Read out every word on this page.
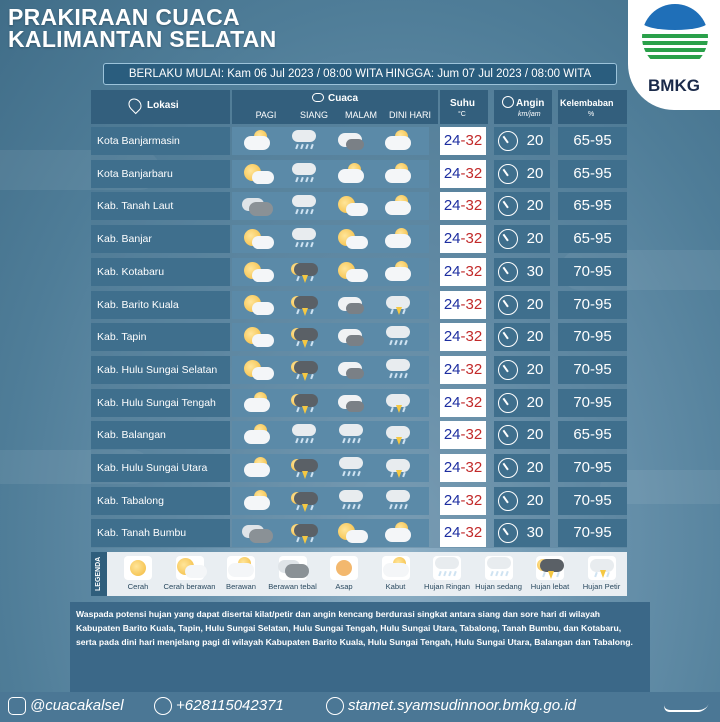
PRAKIRAAN CUACA
KALIMANTAN SELATAN
BMKG
BERLAKU MULAI: Kam 06 Jul 2023 / 08:00 WITA HINGGA: Jum 07 Jul 2023 / 08:00 WITA
Lokasi
Cuaca
PAGI	SIANG	MALAM	DINI HARI
Suhu
°C
Angin
km/jam
Kelembaban
%
Kota Banjarmasin	24-32	20	65-95
Kota Banjarbaru	24-32	20	65-95
Kab. Tanah Laut	24-32	20	65-95
Kab. Banjar	24-32	20	65-95
Kab. Kotabaru	24-32	30	70-95
Kab. Barito Kuala	24-32	20	70-95
Kab. Tapin	24-32	20	70-95
Kab. Hulu Sungai Selatan	24-32	20	70-95
Kab. Hulu Sungai Tengah	24-32	20	70-95
Kab. Balangan	24-32	20	65-95
Kab. Hulu Sungai Utara	24-32	20	70-95
Kab. Tabalong	24-32	20	70-95
Kab. Tanah Bumbu	24-32	30	70-95
LEGENDA	Cerah	Cerah berawan	Berawan	Berawan tebal	Asap	Kabut	Hujan Ringan Hujan sedang	Hujan lebat	Hujan Petir
Waspada potensi hujan yang dapat disertai kilat/petir dan angin kencang berdurasi singkat antara siang dan sore hari di wilayah Kabupaten Barito Kuala, Tapin, Hulu Sungai Selatan, Hulu Sungai Tengah, Hulu Sungai Utara, Tabalong, Tanah Bumbu, dan Kotabaru, serta pada dini hari menjelang pagi di wilayah Kabupaten Barito Kuala, Hulu Sungai Tengah, Hulu Sungai Utara, Balangan dan Tabalong.
@cuacakalsel	+628115042371	stamet.syamsudinnoor.bmkg.go.id
